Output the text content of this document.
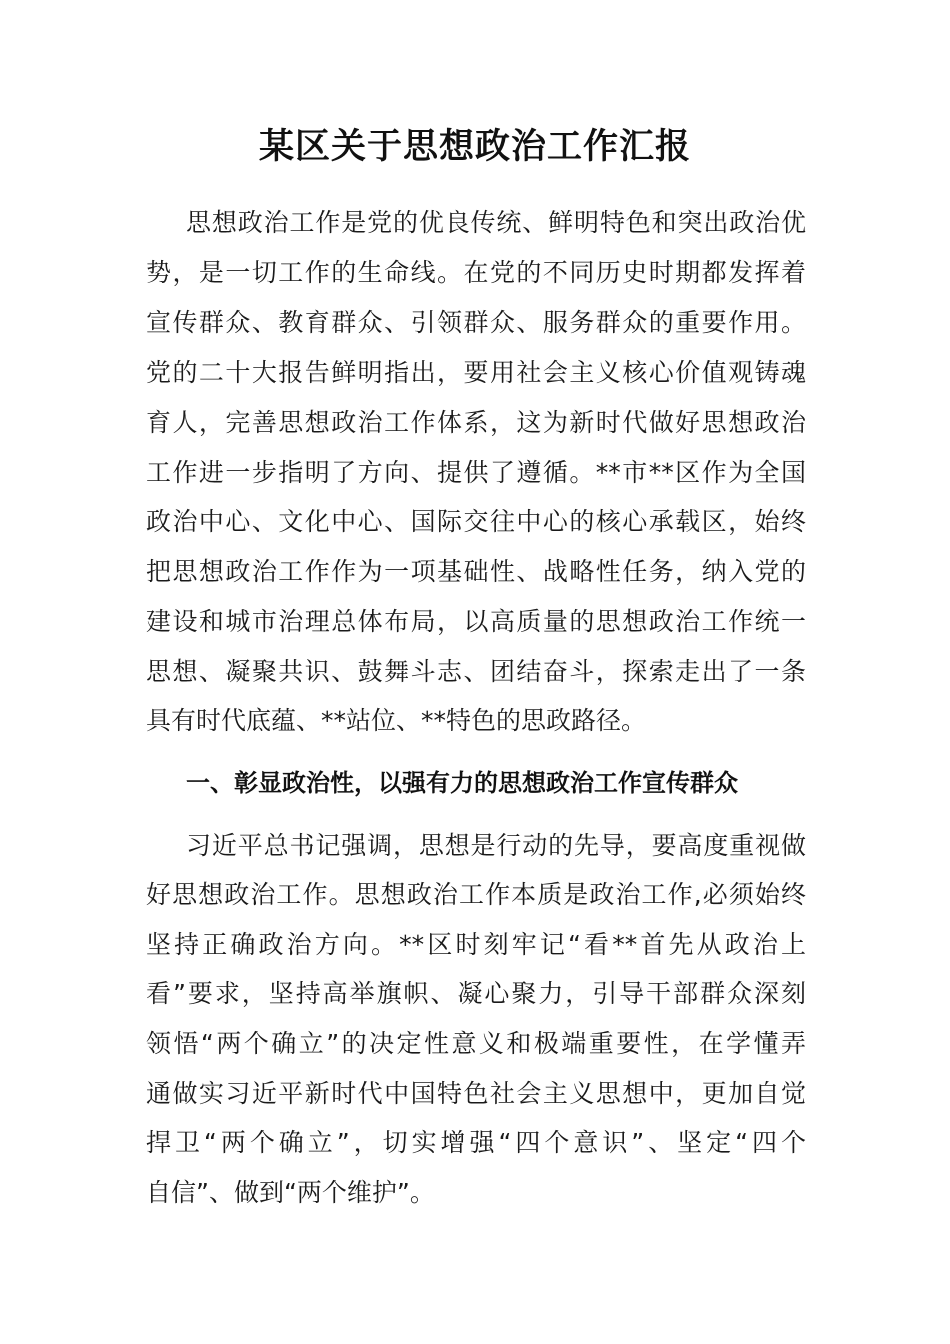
某区关于思想政治工作汇报
思想政治工作是党的优良传统、鲜明特色和突出政治优
势，是一切工作的生命线。在党的不同历史时期都发挥着
宣传群众、教育群众、引领群众、服务群众的重要作用。
党的二十大报告鲜明指出，要用社会主义核心价值观铸魂
育人，完善思想政治工作体系，这为新时代做好思想政治
工作进一步指明了方向、提供了遵循。**市**区作为全国
政治中心、文化中心、国际交往中心的核心承载区，始终
把思想政治工作作为一项基础性、战略性任务，纳入党的
建设和城市治理总体布局，以高质量的思想政治工作统一
思想、凝聚共识、鼓舞斗志、团结奋斗，探索走出了一条
具有时代底蕴、**站位、**特色的思政路径。
一、彰显政治性，以强有力的思想政治工作宣传群众
习近平总书记强调，思想是行动的先导，要高度重视做
好思想政治工作。思想政治工作本质是政治工作,必须始终
坚持正确政治方向。**区时刻牢记“看**首先从政治上
看”要求，坚持高举旗帜、凝心聚力，引导干部群众深刻
领悟“两个确立”的决定性意义和极端重要性，在学懂弄
通做实习近平新时代中国特色社会主义思想中，更加自觉
捍卫“两个确立”，切实增强“四个意识”、坚定“四个
自信”、做到“两个维护”。
